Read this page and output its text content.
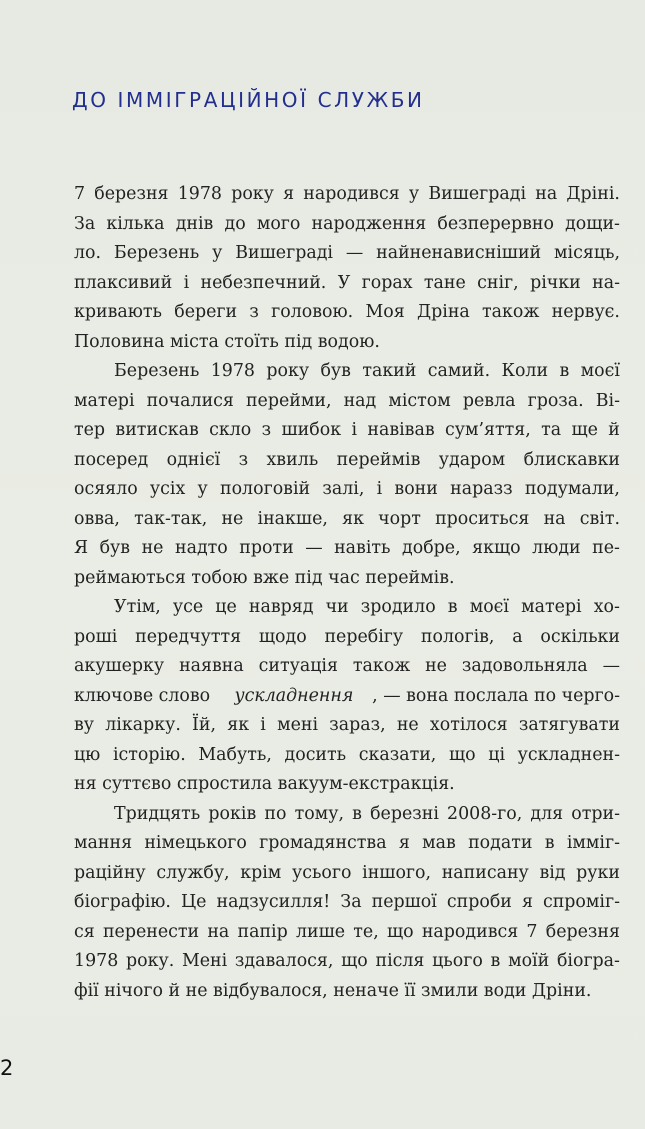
ДО ІММІГРАЦІЙНОЇ СЛУЖБИ
7 березня 1978 року я народився у Вишеграді на Дріні.
За кілька днів до мого народження безперервно дощи-
ло. Березень у Вишеграді — найненависніший місяць,
плаксивий і небезпечний. У горах тане сніг, річки на-
кривають береги з головою. Моя Дріна також нервує.
Половина міста стоїть під водою.
Березень 1978 року був такий самий. Коли в моєї
матері почалися перейми, над містом ревла гроза. Ві-
тер витискав скло з шибок і навівав сум’яття, та ще й
посеред однієї з хвиль переймів ударом блискавки
осяяло усіх у пологовій залі, і вони наразз подумали,
овва, так-так, не інакше, як чорт проситься на світ.
Я був не надто проти — навіть добре, якщо люди пе-
реймаються тобою вже під час переймів.
Утім, усе це навряд чи зродило в моєї матері хо-
роші передчуття щодо перебігу пологів, а оскільки
акушерку наявна ситуація також не задовольняла —
ключове слово ускладнення , — вона послала по черго-
ву лікарку. Їй, як і мені зараз, не хотілося затягувати
цю історію. Мабуть, досить сказати, що ці ускладнен-
ня суттєво спростила вакуум-екстракція.
Тридцять років по тому, в березні 2008-го, для отри-
мання німецького громадянства я мав подати в імміг-
раційну службу, крім усього іншого, написану від руки
біографію. Це надзусилля! За першої спроби я спроміг-
ся перенести на папір лише те, що народився 7 березня
1978 року. Мені здавалося, що після цього в моїй біогра-
фії нічого й не відбувалося, неначе її змили води Дріни.
2
